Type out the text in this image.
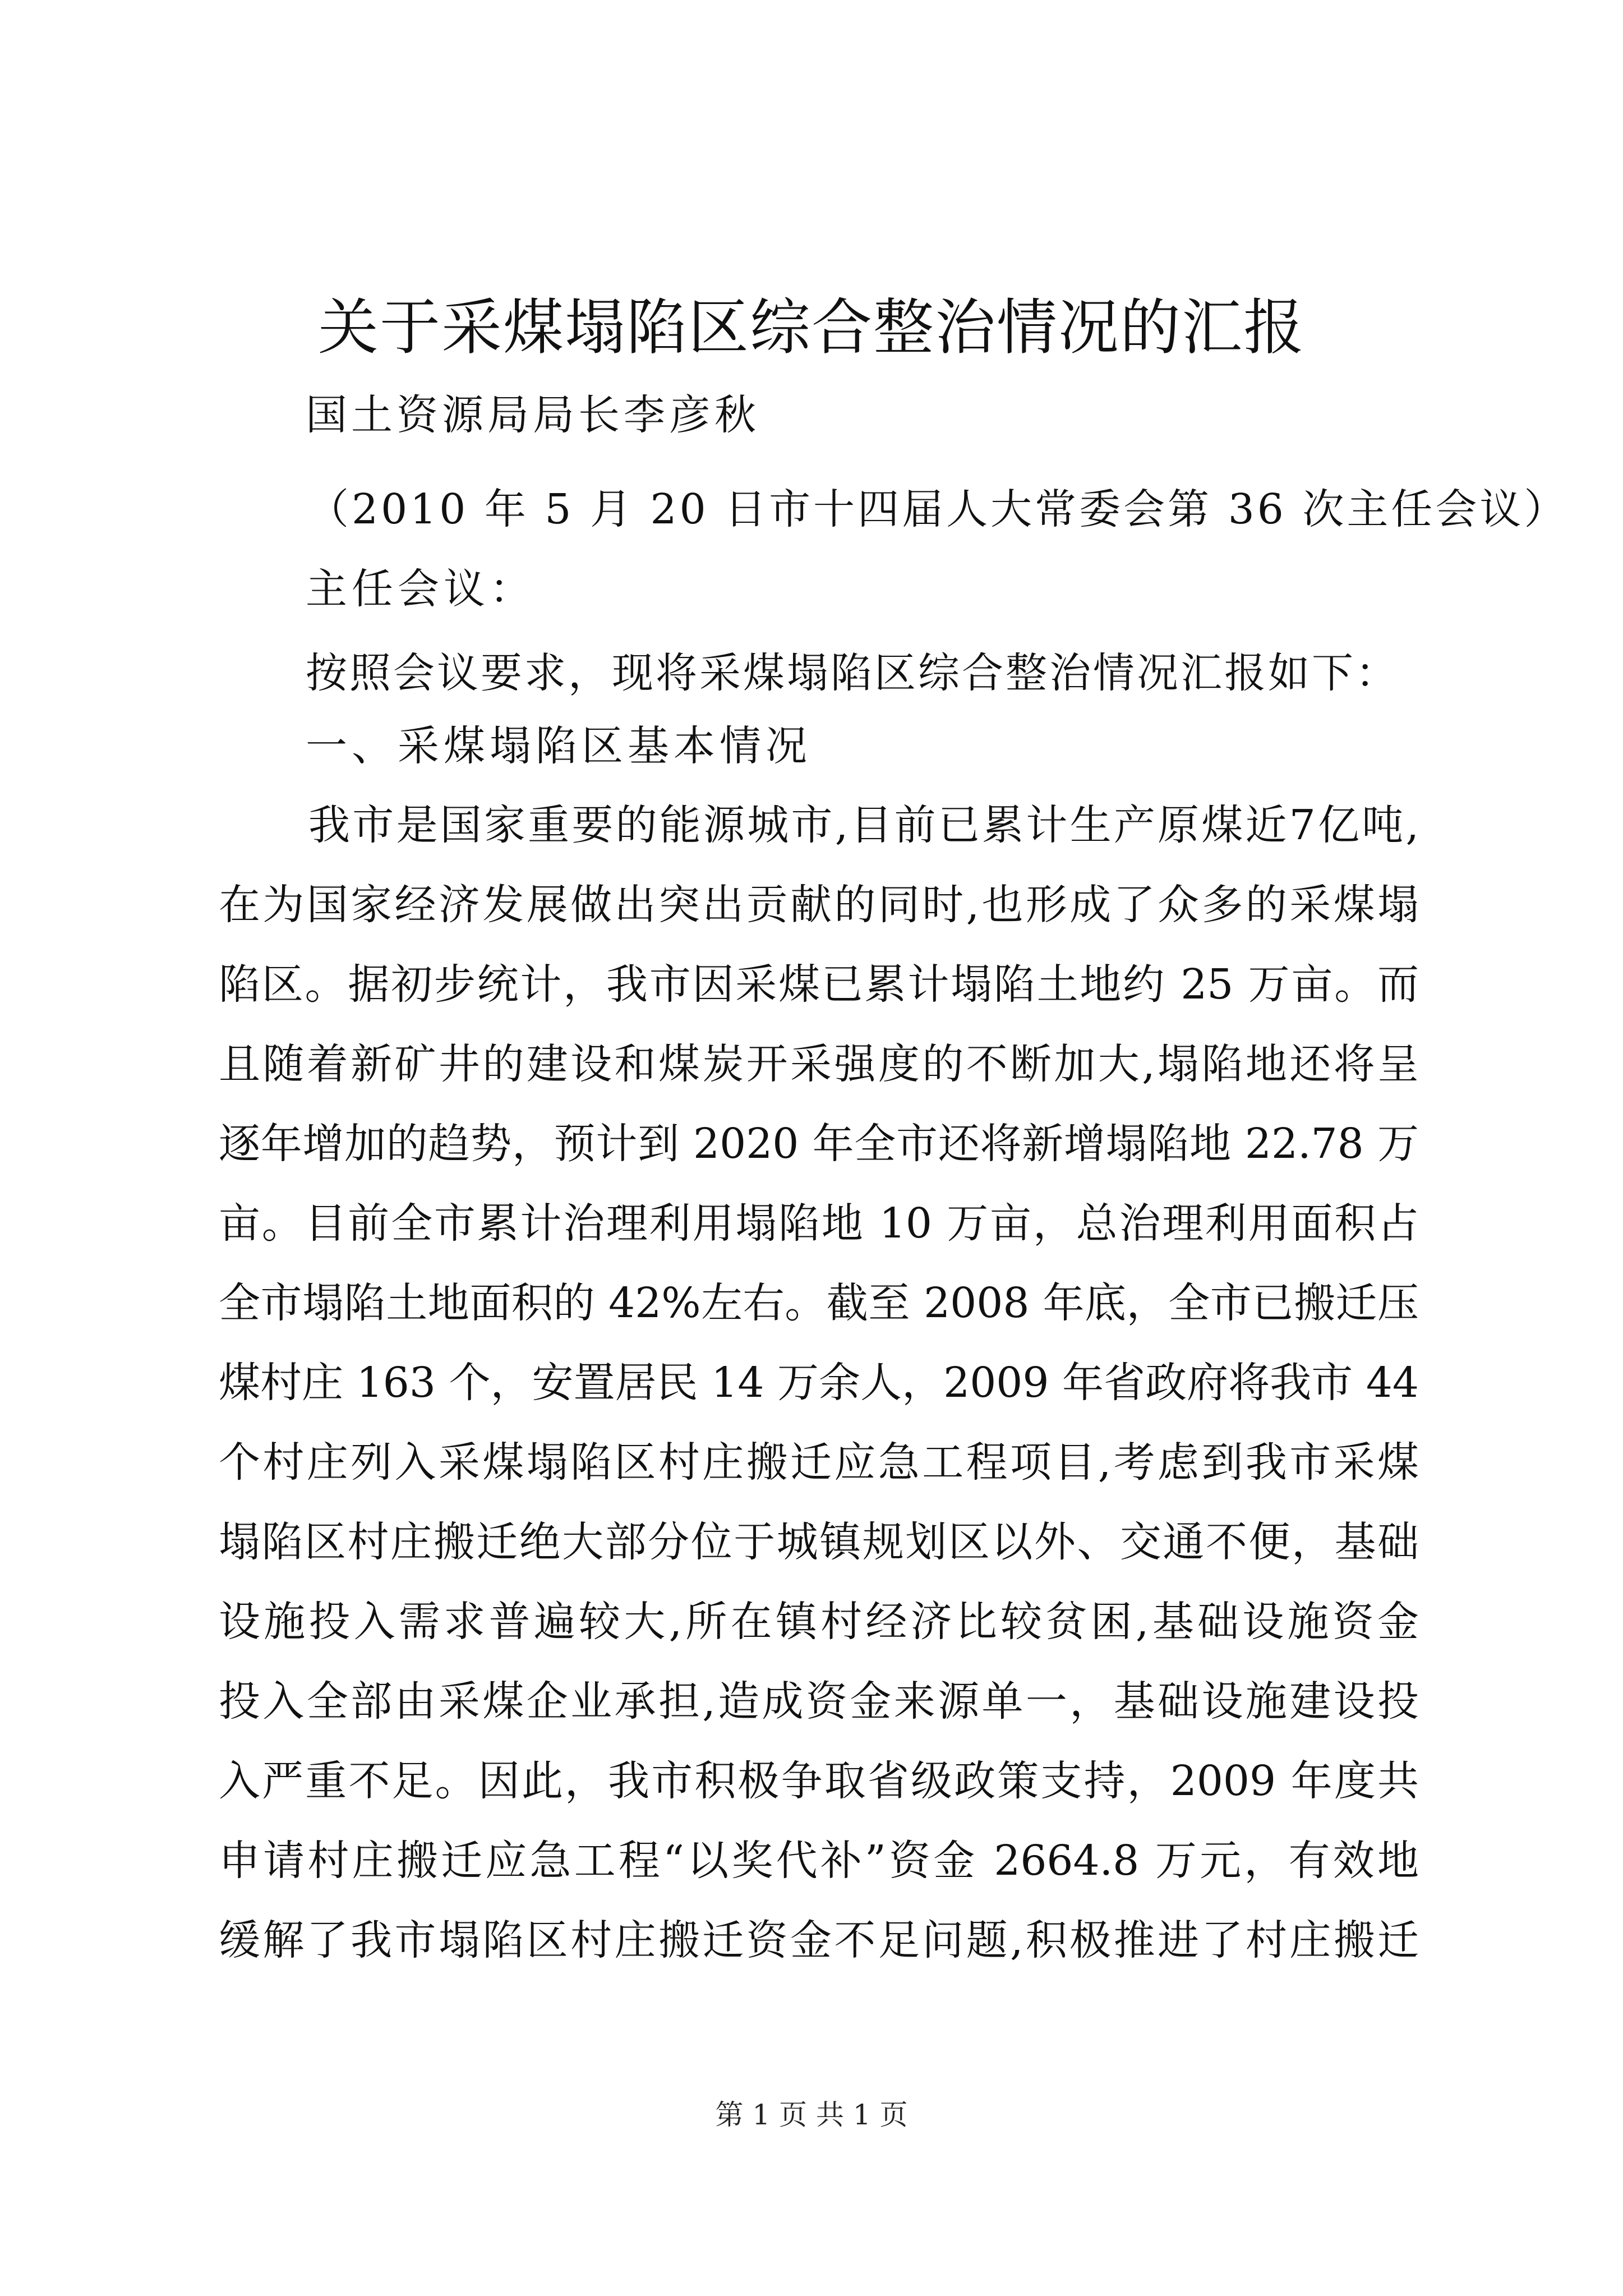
关于采煤塌陷区综合整治情况的汇报

国土资源局局长李彦秋

（2010 年 5 月 20 日市十四届人大常委会第 36 次主任会议）

主任会议：

按照会议要求，现将采煤塌陷区综合整治情况汇报如下：

一、采煤塌陷区基本情况

我市是国家重要的能源城市,目前已累计生产原煤近7亿吨,
在为国家经济发展做出突出贡献的同时,也形成了众多的采煤塌
陷区。据初步统计，我市因采煤已累计塌陷土地约 25 万亩。而
且随着新矿井的建设和煤炭开采强度的不断加大,塌陷地还将呈
逐年增加的趋势，预计到 2020 年全市还将新增塌陷地 22.78 万
亩。目前全市累计治理利用塌陷地 10 万亩，总治理利用面积占
全市塌陷土地面积的 42%左右。截至 2008 年底，全市已搬迁压
煤村庄 163 个，安置居民 14 万余人，2009 年省政府将我市 44
个村庄列入采煤塌陷区村庄搬迁应急工程项目,考虑到我市采煤
塌陷区村庄搬迁绝大部分位于城镇规划区以外、交通不便，基础
设施投入需求普遍较大,所在镇村经济比较贫困,基础设施资金
投入全部由采煤企业承担,造成资金来源单一，基础设施建设投
入严重不足。因此，我市积极争取省级政策支持，2009 年度共
申请村庄搬迁应急工程“以奖代补”资金 2664.8 万元，有效地
缓解了我市塌陷区村庄搬迁资金不足问题,积极推进了村庄搬迁

第 1 页 共 1 页
